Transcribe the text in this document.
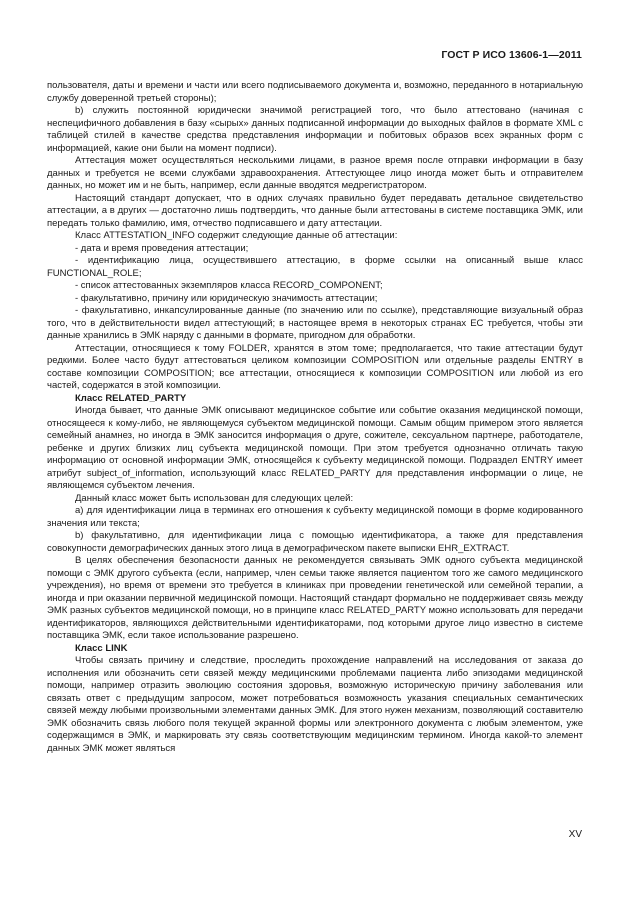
ГОСТ Р ИСО 13606-1—2011

пользователя, даты и времени и части или всего подписываемого документа и, возможно, переданного в нотариальную службу доверенной третьей стороны);

b) служить постоянной юридически значимой регистрацией того, что было аттестовано (начиная с неспецифичного добавления в базу «сырых» данных подписанной информации до выходных файлов в формате XML с таблицей стилей в качестве средства представления информации и побитовых образов всех экранных форм с информацией, какие они были на момент подписи).

Аттестация может осуществляться несколькими лицами, в разное время после отправки информации в базу данных и требуется не всеми службами здравоохранения. Аттестующее лицо иногда может быть и отправителем данных, но может им и не быть, например, если данные вводятся медрегистратором.

Настоящий стандарт допускает, что в одних случаях правильно будет передавать детальное свидетельство аттестации, а в других — достаточно лишь подтвердить, что данные были аттестованы в системе поставщика ЭМК, или передать только фамилию, имя, отчество подписавшего и дату аттестации.

Класс ATTESTATION_INFO содержит следующие данные об аттестации:

- дата и время проведения аттестации;

- идентификацию лица, осуществившего аттестацию, в форме ссылки на описанный выше класс FUNCTIONAL_ROLE;

- список аттестованных экземпляров класса RECORD_COMPONENT;

- факультативно, причину или юридическую значимость аттестации;

- факультативно, инкапсулированные данные (по значению или по ссылке), представляющие визуальный образ того, что в действительности видел аттестующий; в настоящее время в некоторых странах ЕС требуется, чтобы эти данные хранились в ЭМК наряду с данными в формате, пригодном для обработки.

Аттестации, относящиеся к тому FOLDER, хранятся в этом томе; предполагается, что такие аттестации будут редкими. Более часто будут аттестоваться целиком композиции COMPOSITION или отдельные разделы ENTRY в составе композиции COMPOSITION; все аттестации, относящиеся к композиции COMPOSITION или любой из его частей, содержатся в этой композиции.

Класс RELATED_PARTY

Иногда бывает, что данные ЭМК описывают медицинское событие или событие оказания медицинской помощи, относящееся к кому-либо, не являющемуся субъектом медицинской помощи. Самым общим примером этого является семейный анамнез, но иногда в ЭМК заносится информация о друге, сожителе, сексуальном партнере, работодателе, ребенке и других близких лиц субъекта медицинской помощи. При этом требуется однозначно отличать такую информацию от основной информации ЭМК, относящейся к субъекту медицинской помощи. Подраздел ENTRY имеет атрибут subject_of_information, использующий класс RELATED_PARTY для представления информации о лице, не являющемся субъектом лечения.

Данный класс может быть использован для следующих целей:

a) для идентификации лица в терминах его отношения к субъекту медицинской помощи в форме кодированного значения или текста;

b) факультативно, для идентификации лица с помощью идентификатора, а также для представления совокупности демографических данных этого лица в демографическом пакете выписки EHR_EXTRACT.

В целях обеспечения безопасности данных не рекомендуется связывать ЭМК одного субъекта медицинской помощи с ЭМК другого субъекта (если, например, член семьи также является пациентом того же самого медицинского учреждения), но время от времени это требуется в клиниках при проведении генетической или семейной терапии, а иногда и при оказании первичной медицинской помощи. Настоящий стандарт формально не поддерживает связь между ЭМК разных субъектов медицинской помощи, но в принципе класс RELATED_PARTY можно использовать для передачи идентификаторов, являющихся действительными идентификаторами, под которыми другое лицо известно в системе поставщика ЭМК, если такое использование разрешено.

Класс LINK

Чтобы связать причину и следствие, проследить прохождение направлений на исследования от заказа до исполнения или обозначить сети связей между медицинскими проблемами пациента либо эпизодами медицинской помощи, например отразить эволюцию состояния здоровья, возможную историческую причину заболевания или связать ответ с предыдущим запросом, может потребоваться возможность указания специальных семантических связей между любыми произвольными элементами данных ЭМК. Для этого нужен механизм, позволяющий составителю ЭМК обозначить связь любого поля текущей экранной формы или электронного документа с любым элементом, уже содержащимся в ЭМК, и маркировать эту связь соответствующим медицинским термином. Иногда какой-то элемент данных ЭМК может являться

XV
